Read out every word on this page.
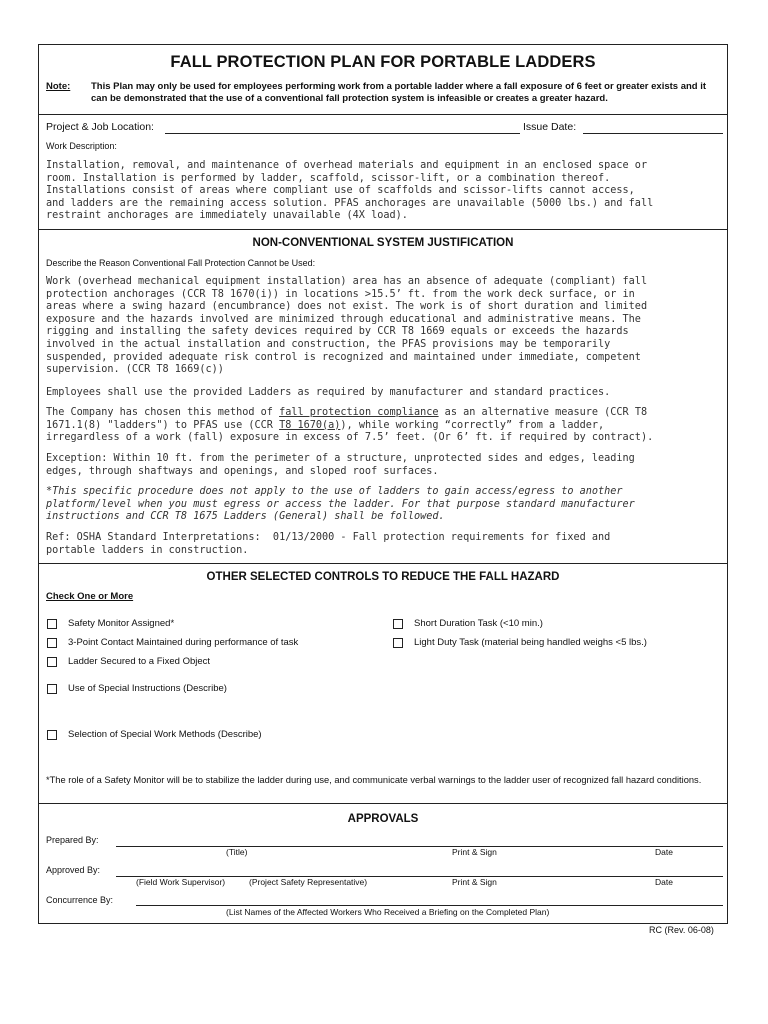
FALL PROTECTION PLAN FOR PORTABLE LADDERS
Note: This Plan may only be used for employees performing work from a portable ladder where a fall exposure of 6 feet or greater exists and it can be demonstrated that the use of a conventional fall protection system is infeasible or creates a greater hazard.
Project & Job Location:	Issue Date:
Work Description:
Installation, removal, and maintenance of overhead materials and equipment in an enclosed space or
room. Installation is performed by ladder, scaffold, scissor-lift, or a combination thereof.
Installations consist of areas where compliant use of scaffolds and scissor-lifts cannot access,
and ladders are the remaining access solution. PFAS anchorages are unavailable (5000 lbs.) and fall
restraint anchorages are immediately unavailable (4X load).
NON-CONVENTIONAL SYSTEM JUSTIFICATION
Describe the Reason Conventional Fall Protection Cannot be Used:
Work (overhead mechanical equipment installation) area has an absence of adequate (compliant) fall
protection anchorages (CCR T8 1670(i)) in locations >15.5’ ft. from the work deck surface, or in
areas where a swing hazard (encumbrance) does not exist. The work is of short duration and limited
exposure and the hazards involved are minimized through educational and administrative means. The
rigging and installing the safety devices required by CCR T8 1669 equals or exceeds the hazards
involved in the actual installation and construction, the PFAS provisions may be temporarily
suspended, provided adequate risk control is recognized and maintained under immediate, competent
supervision. (CCR T8 1669(c))
Employees shall use the provided Ladders as required by manufacturer and standard practices.
The Company has chosen this method of fall protection compliance as an alternative measure (CCR T8
1671.1(8) "ladders") to PFAS use (CCR T8 1670(a)), while working “correctly” from a ladder,
irregardless of a work (fall) exposure in excess of 7.5’ feet. (Or 6’ ft. if required by contract).
Exception: Within 10 ft. from the perimeter of a structure, unprotected sides and edges, leading
edges, through shaftways and openings, and sloped roof surfaces.
*This specific procedure does not apply to the use of ladders to gain access/egress to another
platform/level when you must egress or access the ladder. For that purpose standard manufacturer
instructions and CCR T8 1675 Ladders (General) shall be followed.
Ref: OSHA Standard Interpretations:  01/13/2000 - Fall protection requirements for fixed and
portable ladders in construction.
OTHER SELECTED CONTROLS TO REDUCE THE FALL HAZARD
Check One or More
Safety Monitor Assigned*
3-Point Contact Maintained during performance of task
Ladder Secured to a Fixed Object
Use of Special Instructions (Describe)
Selection of Special Work Methods (Describe)
Short Duration Task (<10 min.)
Light Duty Task (material being handled weighs <5 lbs.)
*The role of a Safety Monitor will be to stabilize the ladder during use, and communicate verbal warnings to the ladder user of recognized fall hazard conditions.
APPROVALS
Prepared By:
(Title)	Print & Sign	Date
Approved By:
(Field Work Supervisor)	(Project Safety Representative)	Print & Sign	Date
Concurrence By:
(List Names of the Affected Workers Who Received a Briefing on the Completed Plan)
RC (Rev. 06-08)
